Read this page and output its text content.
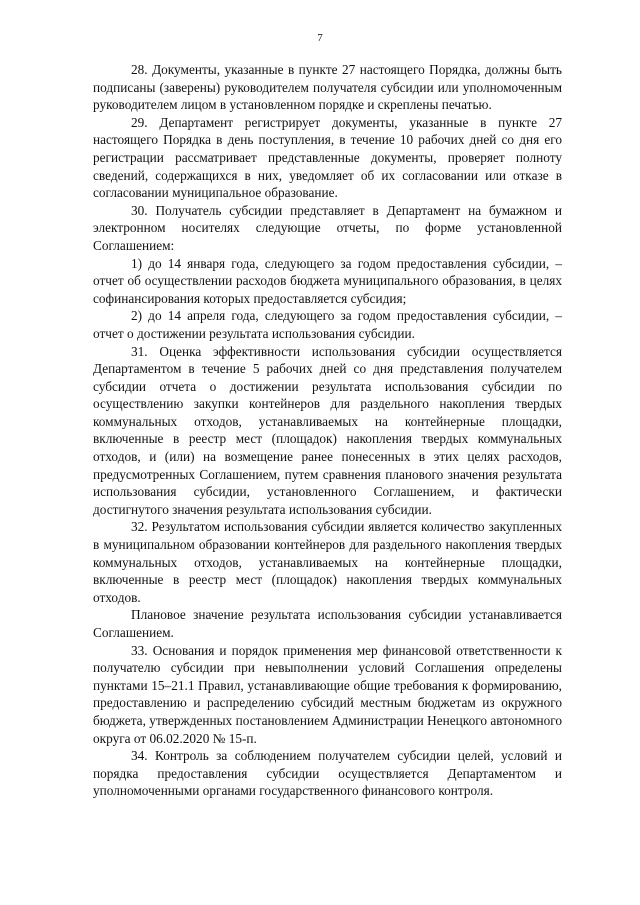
7

28. Документы, указанные в пункте 27 настоящего Порядка, должны быть подписаны (заверены) руководителем получателя субсидии или уполномоченным руководителем лицом в установленном порядке и скреплены печатью.

29. Департамент регистрирует документы, указанные в пункте 27 настоящего Порядка в день поступления, в течение 10 рабочих дней со дня его регистрации рассматривает представленные документы, проверяет полноту сведений, содержащихся в них, уведомляет об их согласовании или отказе в согласовании муниципальное образование.

30. Получатель субсидии представляет в Департамент на бумажном и электронном носителях следующие отчеты, по форме установленной Соглашением:

1) до 14 января года, следующего за годом предоставления субсидии, – отчет об осуществлении расходов бюджета муниципального образования, в целях софинансирования которых предоставляется субсидия;

2) до 14 апреля года, следующего за годом предоставления субсидии, – отчет о достижении результата использования субсидии.

31. Оценка эффективности использования субсидии осуществляется Департаментом в течение 5 рабочих дней со дня представления получателем субсидии отчета о достижении результата использования субсидии по осуществлению закупки контейнеров для раздельного накопления твердых коммунальных отходов, устанавливаемых на контейнерные площадки, включенные в реестр мест (площадок) накопления твердых коммунальных отходов, и (или) на возмещение ранее понесенных в этих целях расходов, предусмотренных Соглашением, путем сравнения планового значения результата использования субсидии, установленного Соглашением, и фактически достигнутого значения результата использования субсидии.

32. Результатом использования субсидии является количество закупленных в муниципальном образовании контейнеров для раздельного накопления твердых коммунальных отходов, устанавливаемых на контейнерные площадки, включенные в реестр мест (площадок) накопления твердых коммунальных отходов.

Плановое значение результата использования субсидии устанавливается Соглашением.

33. Основания и порядок применения мер финансовой ответственности к получателю субсидии при невыполнении условий Соглашения определены пунктами 15–21.1 Правил, устанавливающие общие требования к формированию, предоставлению и распределению субсидий местным бюджетам из окружного бюджета, утвержденных постановлением Администрации Ненецкого автономного округа от 06.02.2020 № 15-п.

34. Контроль за соблюдением получателем субсидии целей, условий и порядка предоставления субсидии осуществляется Департаментом и уполномоченными органами государственного финансового контроля.
